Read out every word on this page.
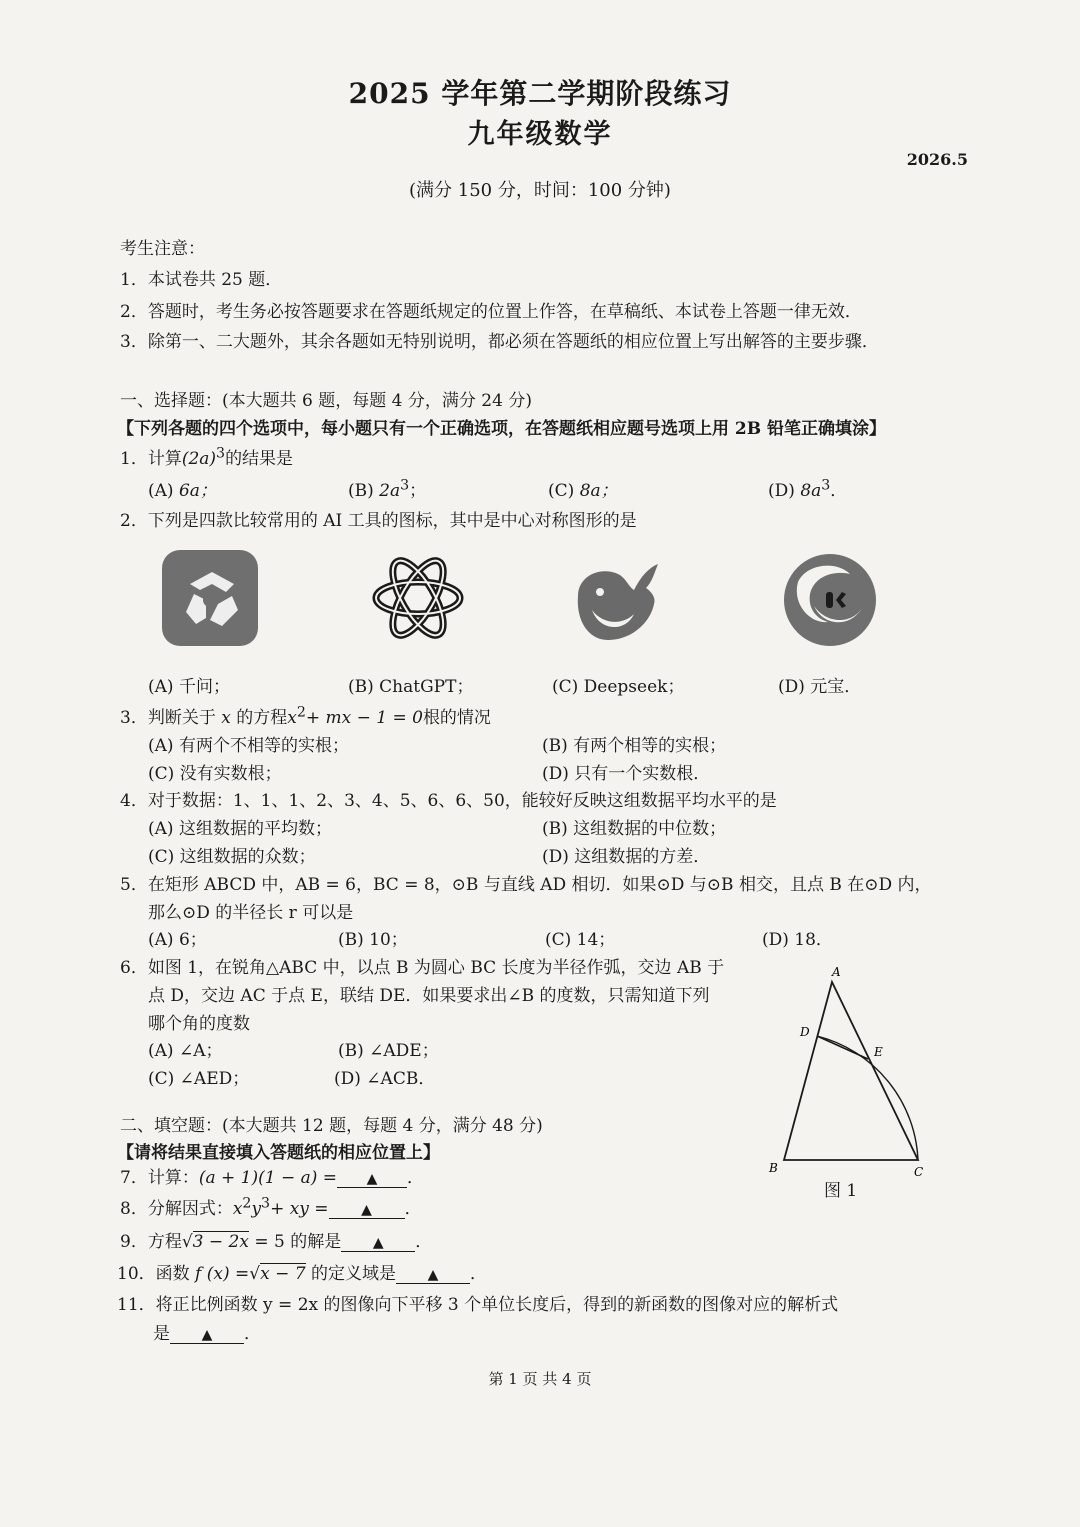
2025 学年第二学期阶段练习
九年级数学
2026.5
(满分 150 分，时间：100 分钟)
考生注意：
1．本试卷共 25 题．
2．答题时，考生务必按答题要求在答题纸规定的位置上作答，在草稿纸、本试卷上答题一律无效．
3．除第一、二大题外，其余各题如无特别说明，都必须在答题纸的相应位置上写出解答的主要步骤．
一、选择题：(本大题共 6 题，每题 4 分，满分 24 分)
【下列各题的四个选项中，每小题只有一个正确选项，在答题纸相应题号选项上用 2B 铅笔正确填涂】
1．计算$(2a)^3$的结果是
(A) 6a；	(B) $2a^3$；	(C) 8a；	(D) $8a^3$．
2．下列是四款比较常用的 AI 工具的图标，其中是中心对称图形的是
(A) 千问；	(B) ChatGPT；	(C) Deepseek；	(D) 元宝．
3．判断关于 x 的方程$x^2+$ mx − 1 = 0根的情况
(A) 有两个不相等的实根；	(B) 有两个相等的实根；
(C) 没有实数根；	(D) 只有一个实数根．
4．对于数据：1、1、1、2、3、4、5、6、6、50，能较好反映这组数据平均水平的是
(A) 这组数据的平均数；	(B) 这组数据的中位数；
(C) 这组数据的众数；	(D) 这组数据的方差．
5．在矩形 ABCD 中，AB = 6，BC = 8，⊙B 与直线 AD 相切．如果⊙D 与⊙B 相交，且点 B 在⊙D 内，
那么⊙D 的半径长 r 可以是
(A) 6；	(B) 10；	(C) 14；	(D) 18．
6．如图 1，在锐角△ABC 中，以点 B 为圆心 BC 长度为半径作弧，交边 AB 于
点 D，交边 AC 于点 E，联结 DE．如果要求出∠B 的度数，只需知道下列
哪个角的度数
(A) ∠A；	(B) ∠ADE；
(C) ∠AED；	(D) ∠ACB．
A
D
E
B	C
图 1
二、填空题：(本大题共 12 题，每题 4 分，满分 48 分)
【请将结果直接填入答题纸的相应位置上】
7．计算：(a + 1)(1 − a) = ▲ ．
8．分解因式：$x^2y^3+$ xy = ▲ ．
9．方程√3 − 2x = 5 的解是 ▲ ．
10．函数 f (x) =√x − 7 的定义域是 ▲ ．
11．将正比例函数 y = 2x 的图像向下平移 3 个单位长度后，得到的新函数的图像对应的解析式
是 ▲ ．
第 1 页 共 4 页
